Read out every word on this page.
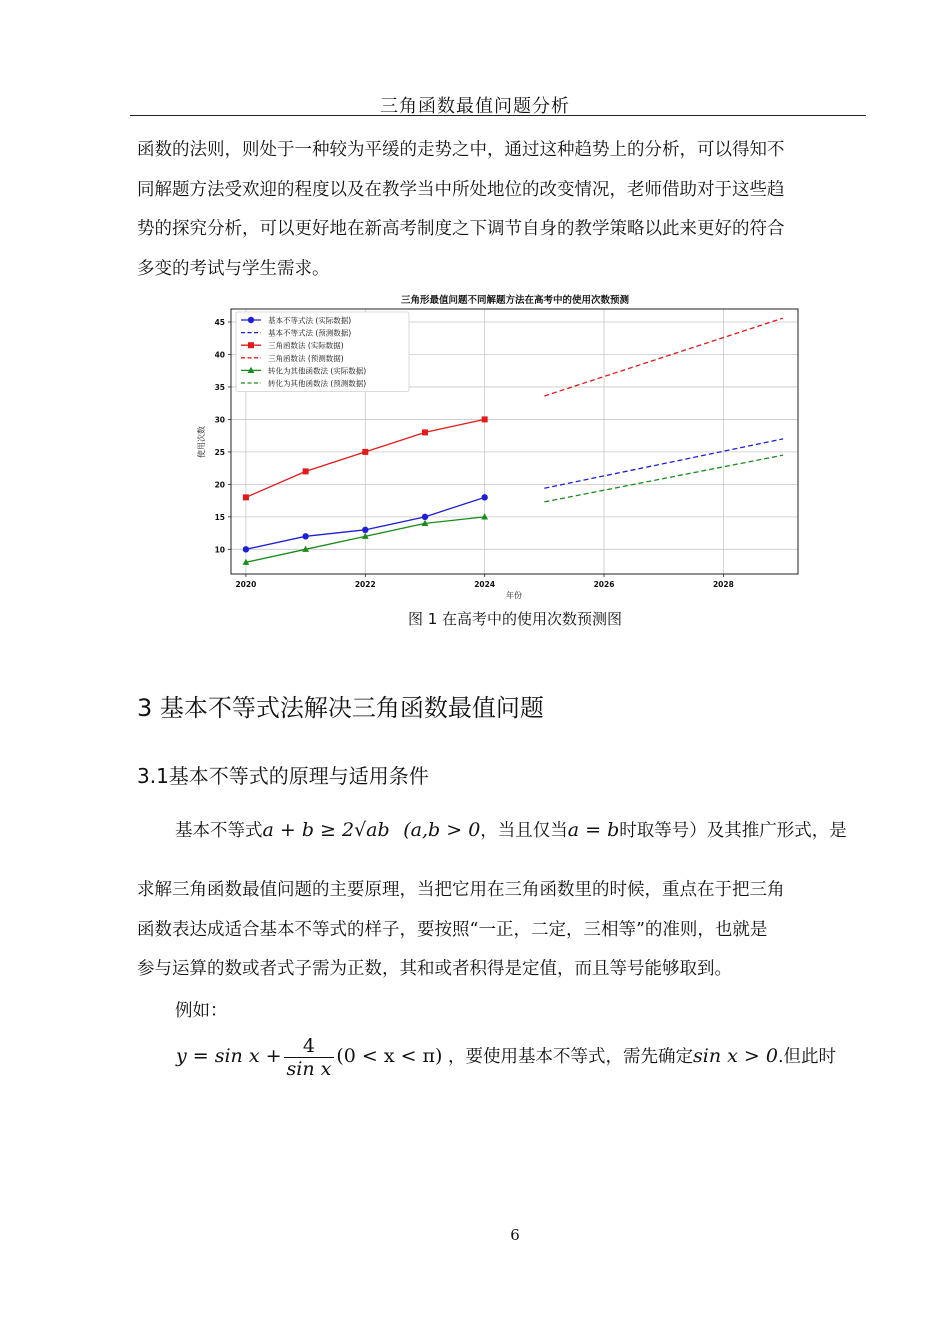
三角函数最值问题分析
函数的法则，则处于一种较为平缓的走势之中，通过这种趋势上的分析，可以得知不
同解题方法受欢迎的程度以及在教学当中所处地位的改变情况，老师借助对于这些趋
势的探究分析，可以更好地在新高考制度之下调节自身的教学策略以此来更好的符合
多变的考试与学生需求。
三角形最值问题不同解题方法在高考中的使用次数预测
2020	2022	2024	2026	2028
10
15
20
25
30
35
40
45	基本不等式法 (实际数据)
基本不等式法 (预测数据)
三角函数法 (实际数据)
三角函数法 (预测数据)
转化为其他函数法 (实际数据)
转化为其他函数法 (预测数据)
年份
使用次数
图 1 在高考中的使用次数预测图
3 基本不等式法解决三角函数最值问题
3.1基本不等式的原理与适用条件
基本不等式a + b ≥ 2√ab (a,b > 0，当且仅当a = b时取等号）及其推广形式，是
求解三角函数最值问题的主要原理，当把它用在三角函数里的时候，重点在于把三角
函数表达成适合基本不等式的样子，要按照“一正，二定，三相等”的准则，也就是
参与运算的数或者式子需为正数，其和或者积得是定值，而且等号能够取到。
例如：
$y = \sin x + \frac{4}{\text{sin x}} (0 < x < \pi)$ ，要使用基本不等式，需先确定sin x > 0.但此时
6
